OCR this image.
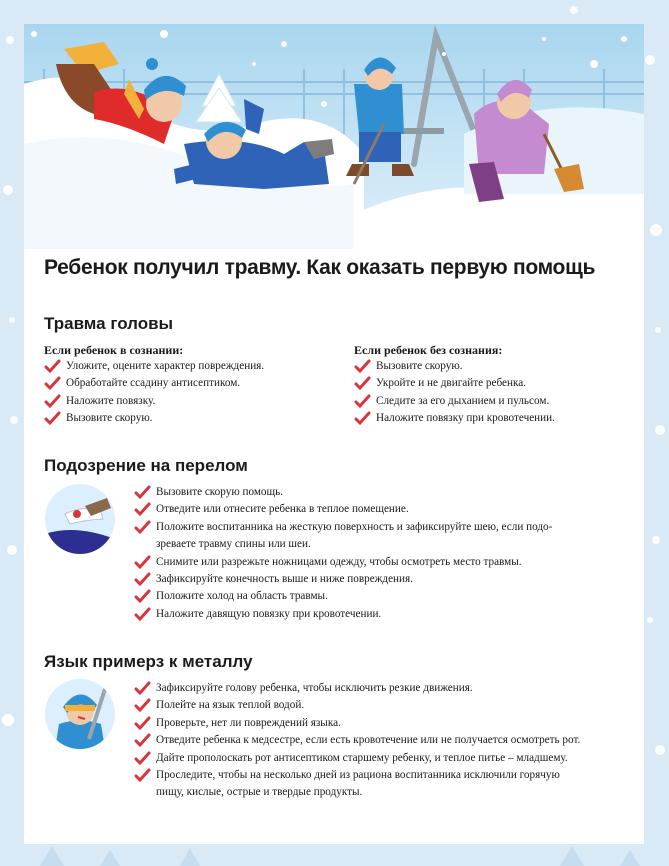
Ребенок получил травму. Как оказать первую помощь
Травма головы
Если ребенок в сознании:
Уложите, оцените характер повреждения.
Обработайте ссадину антисептиком.
Наложите повязку.
Вызовите скорую.
Если ребенок без сознания:
Вызовите скорую.
Укройте и не двигайте ребенка.
Следите за его дыханием и пульсом.
Наложите повязку при кровотечении.
Подозрение на перелом
Вызовите скорую помощь.
Отведите или отнесите ребенка в теплое помещение.
Положите воспитанника на жесткую поверхность и зафиксируйте шею, если подо-
зреваете травму спины или шеи.
Снимите или разрежьте ножницами одежду, чтобы осмотреть место травмы.
Зафиксируйте конечность выше и ниже повреждения.
Положите холод на область травмы.
Наложите давящую повязку при кровотечении.
Язык примерз к металлу
Зафиксируйте голову ребенка, чтобы исключить резкие движения.
Полейте на язык теплой водой.
Проверьте, нет ли повреждений языка.
Отведите ребенка к медсестре, если есть кровотечение или не получается осмотреть рот.
Дайте прополоскать рот антисептиком старшему ребенку, и теплое питье – младшему.
Проследите, чтобы на несколько дней из рациона воспитанника исключили горячую
пищу, кислые, острые и твердые продукты.
